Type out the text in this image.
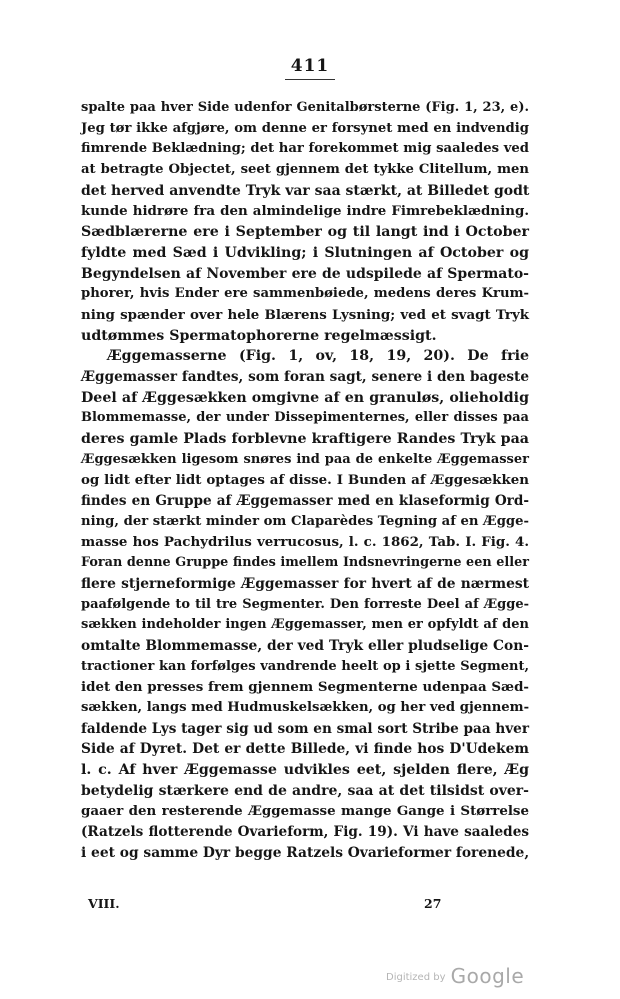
411
spalte paa hver Side udenfor Genitalbørsterne (Fig. 1, 23, e).
Jeg tør ikke afgjøre, om denne er forsynet med en indvendig
fimrende Beklædning; det har forekommet mig saaledes ved
at betragte Objectet, seet gjennem det tykke Clitellum, men
det herved anvendte Tryk var saa stærkt, at Billedet godt
kunde hidrøre fra den almindelige indre Fimrebeklædning.
Sædblærerne ere i September og til langt ind i October
fyldte med Sæd i Udvikling; i Slutningen af October og
Begyndelsen af November ere de udspilede af Spermato-
phorer, hvis Ender ere sammenbøiede, medens deres Krum-
ning spænder over hele Blærens Lysning; ved et svagt Tryk
udtømmes Spermatophorerne regelmæssigt.
Æggemasserne (Fig. 1, ov, 18, 19, 20). De frie
Æggemasser fandtes, som foran sagt, senere i den bageste
Deel af Æggesækken omgivne af en granuløs, olieholdig
Blommemasse, der under Dissepimenternes, eller disses paa
deres gamle Plads forblevne kraftigere Randes Tryk paa
Æggesækken ligesom snøres ind paa de enkelte Æggemasser
og lidt efter lidt optages af disse. I Bunden af Æggesækken
findes en Gruppe af Æggemasser med en klaseformig Ord-
ning, der stærkt minder om Claparèdes Tegning af en Ægge-
masse hos Pachydrilus verrucosus, l. c. 1862, Tab. I. Fig. 4.
Foran denne Gruppe findes imellem Indsnevringerne een eller
flere stjerneformige Æggemasser for hvert af de nærmest
paafølgende to til tre Segmenter. Den forreste Deel af Ægge-
sækken indeholder ingen Æggemasser, men er opfyldt af den
omtalte Blommemasse, der ved Tryk eller pludselige Con-
tractioner kan forfølges vandrende heelt op i sjette Segment,
idet den presses frem gjennem Segmenterne udenpaa Sæd-
sækken, langs med Hudmuskelsækken, og her ved gjennem-
faldende Lys tager sig ud som en smal sort Stribe paa hver
Side af Dyret. Det er dette Billede, vi finde hos D'Udekem
l. c. Af hver Æggemasse udvikles eet, sjelden flere, Æg
betydelig stærkere end de andre, saa at det tilsidst over-
gaaer den resterende Æggemasse mange Gange i Størrelse
(Ratzels flotterende Ovarieform, Fig. 19). Vi have saaledes
i eet og samme Dyr begge Ratzels Ovarieformer forenede,
VIII.	27
Digitized by Google
